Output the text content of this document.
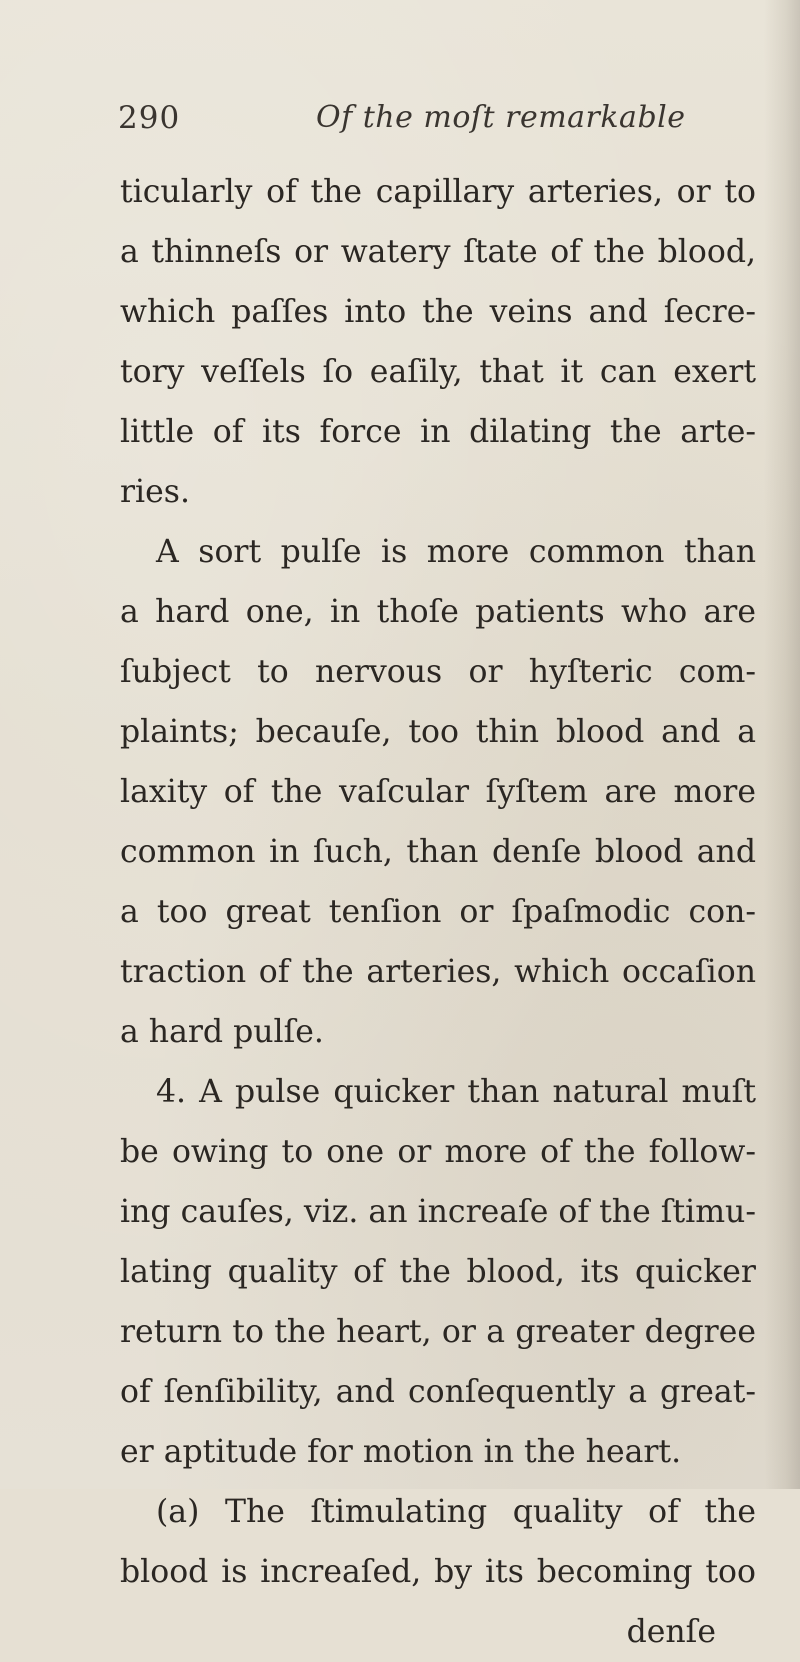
290	Of the moſt remarkable
ticularly of the capillary arteries, or to
a thinneſs or watery ſtate of the blood,
which paſſes into the veins and ſecre-
tory veſſels ſo eaſily, that it can exert
little of its force in dilating the arte-
ries.
A sort pulſe is more common than
a hard one, in thoſe patients who are
ſubject to nervous or hyſteric com-
plaints; becauſe, too thin blood and a
laxity of the vaſcular ſyſtem are more
common in ſuch, than denſe blood and
a too great tenſion or ſpaſmodic con-
traction of the arteries, which occaſion
a hard pulſe.
4. A pulse quicker than natural muſt
be owing to one or more of the follow-
ing cauſes, viz. an increaſe of the ſtimu-
lating quality of the blood, its quicker
return to the heart, or a greater degree
of ſenſibility, and conſequently a great-
er aptitude for motion in the heart.
(a) The ſtimulating quality of the
blood is increaſed, by its becoming too
denſe
